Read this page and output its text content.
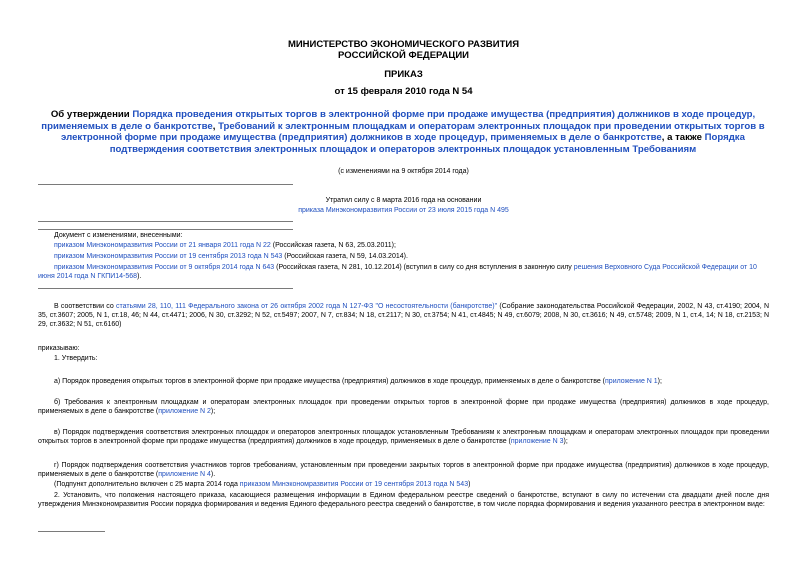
МИНИСТЕРСТВО ЭКОНОМИЧЕСКОГО РАЗВИТИЯ
РОССИЙСКОЙ ФЕДЕРАЦИИ
ПРИКАЗ
от 15 февраля 2010 года N 54
Об утверждении Порядка проведения открытых торгов в электронной форме при продаже имущества (предприятия) должников в ходе процедур, применяемых в деле о банкротстве, Требований к электронным площадкам и операторам электронных площадок при проведении открытых торгов в электронной форме при продаже имущества (предприятия) должников в ходе процедур, применяемых в деле о банкротстве, а также Порядка подтверждения соответствия электронных площадок и операторов электронных площадок установленным Требованиям
(с изменениями на 9 октября 2014 года)
Утратил силу с 8 марта 2016 года на основании
приказа Минэкономразвития России от 23 июля 2015 года N 495
Документ с изменениями, внесенными:
приказом Минэкономразвития России от 21 января 2011 года N 22 (Российская газета, N 63, 25.03.2011);
приказом Минэкономразвития России от 19 сентября 2013 года N 543 (Российская газета, N 59, 14.03.2014).
приказом Минэкономразвития России от 9 октября 2014 года N 643 (Российская газета, N 281, 10.12.2014) (вступил в силу со дня вступления в законную силу решения Верховного Суда Российской Федерации от 10 июня 2014 года N ГКПИ14-568).
В соответствии со статьями 28, 110, 111 Федерального закона от 26 октября 2002 года N 127-ФЗ "О несостоятельности (банкротстве)" (Собрание законодательства Российской Федерации, 2002, N 43, ст.4190; 2004, N 35, ст.3607; 2005, N 1, ст.18, 46; N 44, ст.4471; 2006, N 30, ст.3292; N 52, ст.5497; 2007, N 7, ст.834; N 18, ст.2117; N 30, ст.3754; N 41, ст.4845; N 49, ст.6079; 2008, N 30, ст.3616; N 49, ст.5748; 2009, N 1, ст.4, 14; N 18, ст.2153; N 29, ст.3632; N 51, ст.6160)
приказываю:
1. Утвердить:
а) Порядок проведения открытых торгов в электронной форме при продаже имущества (предприятия) должников в ходе процедур, применяемых в деле о банкротстве (приложение N 1);
б) Требования к электронным площадкам и операторам электронных площадок при проведении открытых торгов в электронной форме при продаже имущества (предприятия) должников в ходе процедур, применяемых в деле о банкротстве (приложение N 2);
в) Порядок подтверждения соответствия электронных площадок и операторов электронных площадок установленным Требованиям к электронным площадкам и операторам электронных площадок при проведении открытых торгов в электронной форме при продаже имущества (предприятия) должников в ходе процедур, применяемых в деле о банкротстве (приложение N 3);
г) Порядок подтверждения соответствия участников торгов требованиям, установленным при проведении закрытых торгов в электронной форме при продаже имущества (предприятия) должников в ходе процедур, применяемых в деле о банкротстве (приложение N 4).
(Подпункт дополнительно включен с 25 марта 2014 года приказом Минэкономразвития России от 19 сентября 2013 года N 543)
2. Установить, что положения настоящего приказа, касающиеся размещения информации в Едином федеральном реестре сведений о банкротстве, вступают в силу по истечении ста двадцати дней после дня утверждения Минэкономразвития России порядка формирования и ведения Единого федерального реестра сведений о банкротстве, в том числе порядка формирования и ведения указанного реестра в электронном виде:
